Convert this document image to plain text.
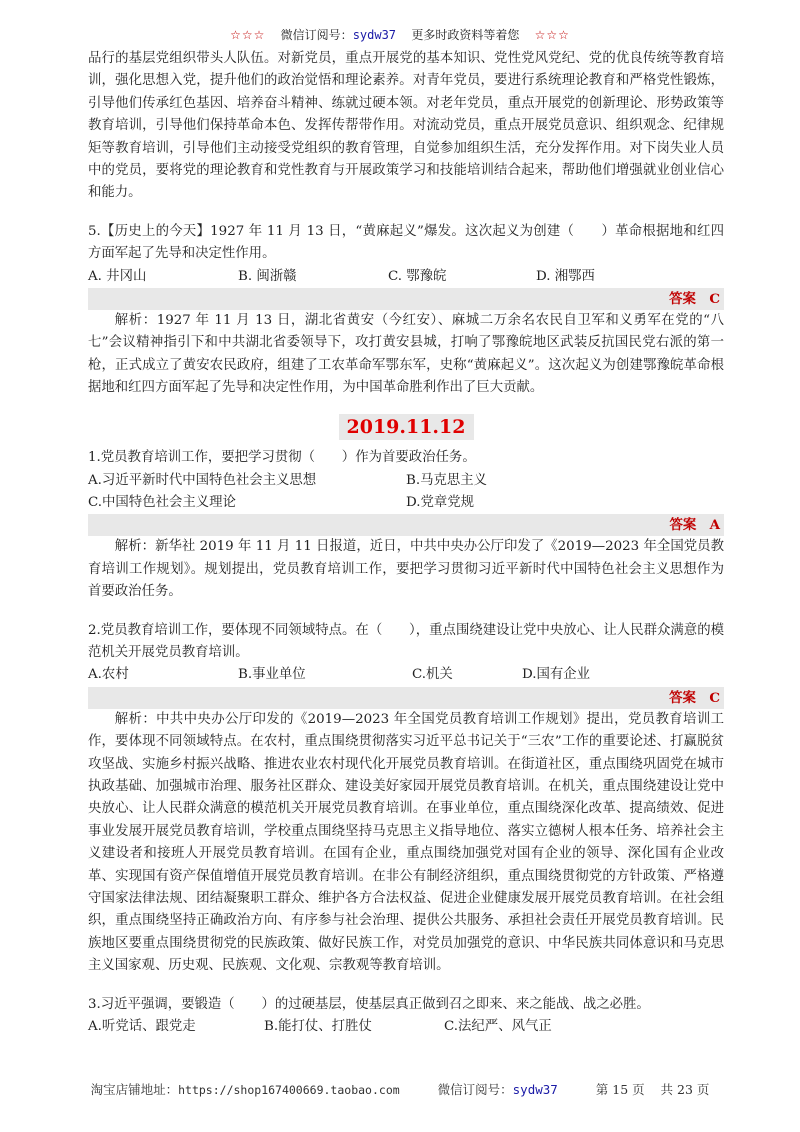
☆☆☆ 微信订阅号：sydw37 更多时政资料等着您 ☆☆☆

品行的基层党组织带头人队伍。对新党员，重点开展党的基本知识、党性党风党纪、党的优良传统等教育培训，强化思想入党，提升他们的政治觉悟和理论素养。对青年党员，要进行系统理论教育和严格党性锻炼，引导他们传承红色基因、培养奋斗精神、练就过硬本领。对老年党员，重点开展党的创新理论、形势政策等教育培训，引导他们保持革命本色、发挥传帮带作用。对流动党员，重点开展党员意识、组织观念、纪律规矩等教育培训，引导他们主动接受党组织的教育管理，自觉参加组织生活，充分发挥作用。对下岗失业人员中的党员，要将党的理论教育和党性教育与开展政策学习和技能培训结合起来，帮助他们增强就业创业信心和能力。

5.【历史上的今天】1927 年 11 月 13 日，“黄麻起义”爆发。这次起义为创建（　　）革命根据地和红四方面军起了先导和决定性作用。

A. 井冈山	B. 闽浙赣	C. 鄂豫皖	D. 湘鄂西
答案　C

解析：1927 年 11 月 13 日，湖北省黄安（今红安）、麻城二万余名农民自卫军和义勇军在党的“八七”会议精神指引下和中共湖北省委领导下，攻打黄安县城，打响了鄂豫皖地区武装反抗国民党右派的第一枪，正式成立了黄安农民政府，组建了工农革命军鄂东军，史称“黄麻起义”。这次起义为创建鄂豫皖革命根据地和红四方面军起了先导和决定性作用，为中国革命胜利作出了巨大贡献。

2019.11.12

1.党员教育培训工作，要把学习贯彻（　　）作为首要政治任务。

A.习近平新时代中国特色社会主义思想	B.马克思主义
C.中国特色社会主义理论	D.党章党规
答案　A

解析：新华社 2019 年 11 月 11 日报道，近日，中共中央办公厅印发了《2019—2023 年全国党员教育培训工作规划》。规划提出，党员教育培训工作，要把学习贯彻习近平新时代中国特色社会主义思想作为首要政治任务。

2.党员教育培训工作，要体现不同领域特点。在（　　），重点围绕建设让党中央放心、让人民群众满意的模范机关开展党员教育培训。

A.农村	B.事业单位	C.机关	D.国有企业
答案　C

解析：中共中央办公厅印发的《2019—2023 年全国党员教育培训工作规划》提出，党员教育培训工作，要体现不同领域特点。在农村，重点围绕贯彻落实习近平总书记关于“三农”工作的重要论述、打赢脱贫攻坚战、实施乡村振兴战略、推进农业农村现代化开展党员教育培训。在街道社区，重点围绕巩固党在城市执政基础、加强城市治理、服务社区群众、建设美好家园开展党员教育培训。在机关，重点围绕建设让党中央放心、让人民群众满意的模范机关开展党员教育培训。在事业单位，重点围绕深化改革、提高绩效、促进事业发展开展党员教育培训，学校重点围绕坚持马克思主义指导地位、落实立德树人根本任务、培养社会主义建设者和接班人开展党员教育培训。在国有企业，重点围绕加强党对国有企业的领导、深化国有企业改革、实现国有资产保值增值开展党员教育培训。在非公有制经济组织，重点围绕贯彻党的方针政策、严格遵守国家法律法规、团结凝聚职工群众、维护各方合法权益、促进企业健康发展开展党员教育培训。在社会组织，重点围绕坚持正确政治方向、有序参与社会治理、提供公共服务、承担社会责任开展党员教育培训。民族地区要重点围绕贯彻党的民族政策、做好民族工作，对党员加强党的意识、中华民族共同体意识和马克思主义国家观、历史观、民族观、文化观、宗教观等教育培训。

3.习近平强调，要锻造（　　）的过硬基层，使基层真正做到召之即来、来之能战、战之必胜。

A.听党话、跟党走	B.能打仗、打胜仗	C.法纪严、风气正
淘宝店铺地址：https://shop167400669.taobao.com	微信订阅号：sydw37	第 15 页 共 23 页
